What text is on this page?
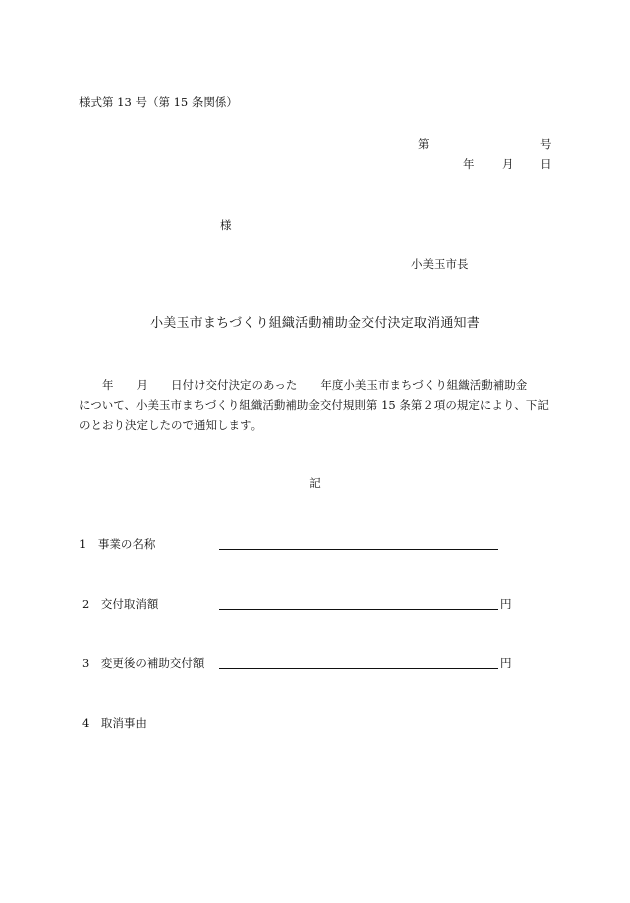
様式第 13 号（第 15 条関係）
第	号
年 月 日
様
小美玉市長
小美玉市まちづくり組織活動補助金交付決定取消通知書
　　年　　月　　日付け交付決定のあった　　年度小美玉市まちづくり組織活動補助金
について、小美玉市まちづくり組織活動補助金交付規則第 15 条第２項の規定により、下記
のとおり決定したので通知します。
記
1　事業の名称
2　交付取消額	円
3　変更後の補助交付額	円
4　取消事由
